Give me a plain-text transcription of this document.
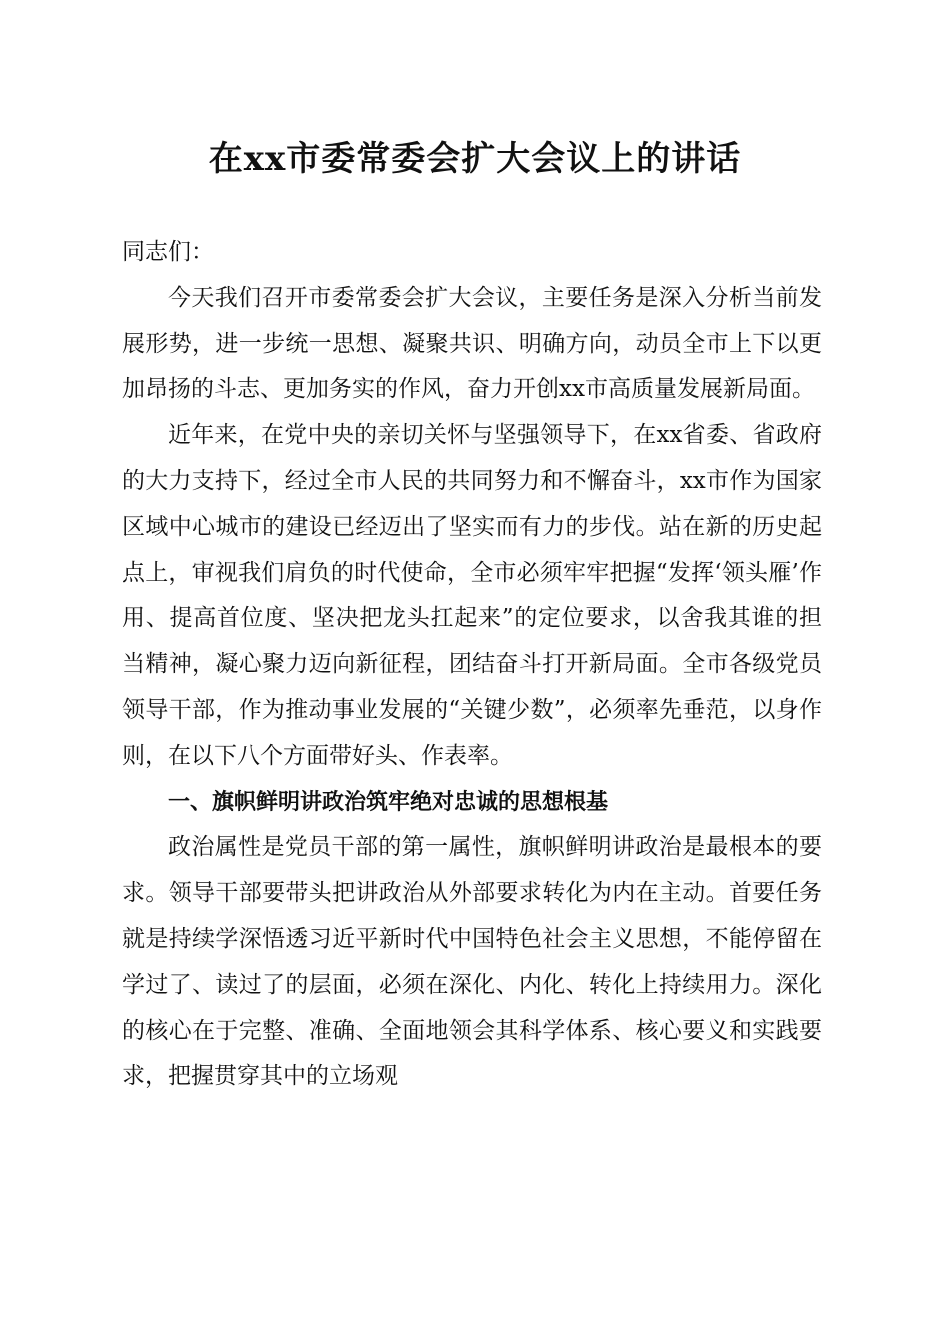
在xx市委常委会扩大会议上的讲话

同志们：

今天我们召开市委常委会扩大会议，主要任务是深入分析当前发展形势，进一步统一思想、凝聚共识、明确方向，动员全市上下以更加昂扬的斗志、更加务实的作风，奋力开创xx市高质量发展新局面。

近年来，在党中央的亲切关怀与坚强领导下，在xx省委、省政府的大力支持下，经过全市人民的共同努力和不懈奋斗，xx市作为国家区域中心城市的建设已经迈出了坚实而有力的步伐。站在新的历史起点上，审视我们肩负的时代使命，全市必须牢牢把握“发挥‘领头雁’作用、提高首位度、坚决把龙头扛起来”的定位要求，以舍我其谁的担当精神，凝心聚力迈向新征程，团结奋斗打开新局面。全市各级党员领导干部，作为推动事业发展的“关键少数”，必须率先垂范，以身作则，在以下八个方面带好头、作表率。

一、旗帜鲜明讲政治筑牢绝对忠诚的思想根基

政治属性是党员干部的第一属性，旗帜鲜明讲政治是最根本的要求。领导干部要带头把讲政治从外部要求转化为内在主动。首要任务就是持续学深悟透习近平新时代中国特色社会主义思想，不能停留在学过了、读过了的层面，必须在深化、内化、转化上持续用力。深化的核心在于完整、准确、全面地领会其科学体系、核心要义和实践要求，把握贯穿其中的立场观
